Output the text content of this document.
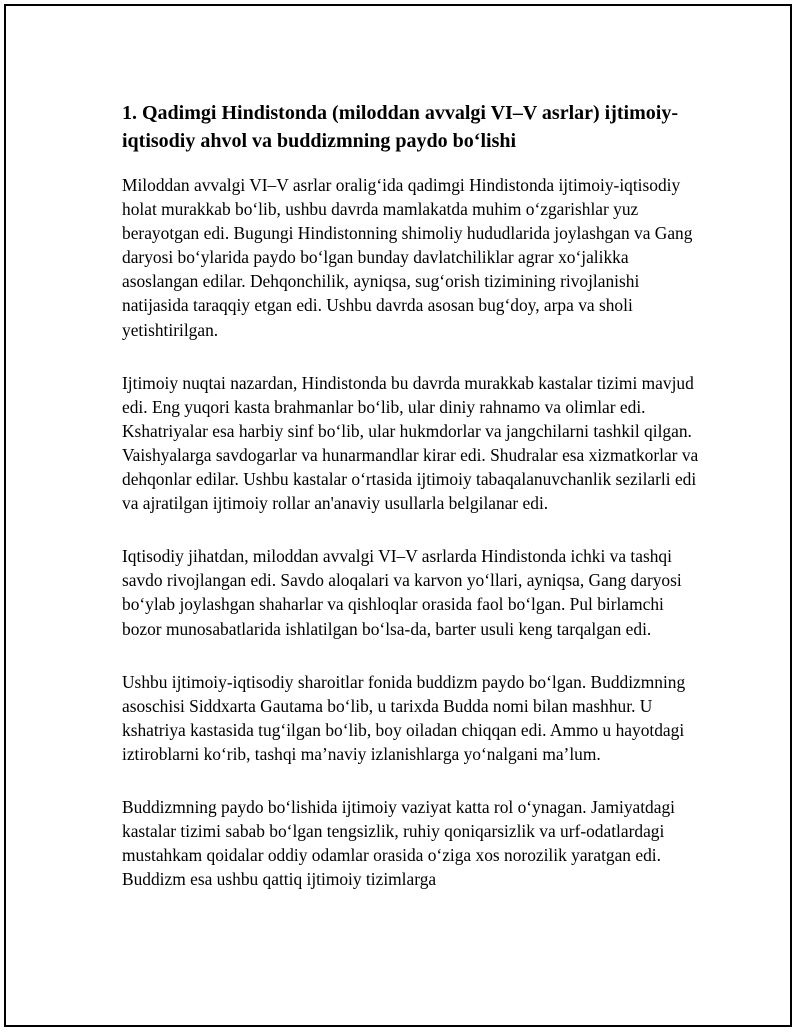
1. Qadimgi Hindistonda (miloddan avvalgi VI–V asrlar) ijtimoiy-iqtisodiy ahvol va buddizmning paydo bo‘lishi

Miloddan avvalgi VI–V asrlar oralig‘ida qadimgi Hindistonda ijtimoiy-iqtisodiy holat murakkab bo‘lib, ushbu davrda mamlakatda muhim o‘zgarishlar yuz berayotgan edi. Bugungi Hindistonning shimoliy hududlarida joylashgan va Gang daryosi bo‘ylarida paydo bo‘lgan bunday davlatchiliklar agrar xo‘jalikka asoslangan edilar. Dehqonchilik, ayniqsa, sug‘orish tizimining rivojlanishi natijasida taraqqiy etgan edi. Ushbu davrda asosan bug‘doy, arpa va sholi yetishtirilgan.

Ijtimoiy nuqtai nazardan, Hindistonda bu davrda murakkab kastalar tizimi mavjud edi. Eng yuqori kasta brahmanlar bo‘lib, ular diniy rahnamo va olimlar edi. Kshatriyalar esa harbiy sinf bo‘lib, ular hukmdorlar va jangchilarni tashkil qilgan. Vaishyalarga savdogarlar va hunarmandlar kirar edi. Shudralar esa xizmatkorlar va dehqonlar edilar. Ushbu kastalar o‘rtasida ijtimoiy tabaqalanuvchanlik sezilarli edi va ajratilgan ijtimoiy rollar an'anaviy usullarla belgilanar edi.

Iqtisodiy jihatdan, miloddan avvalgi VI–V asrlarda Hindistonda ichki va tashqi savdo rivojlangan edi. Savdo aloqalari va karvon yo‘llari, ayniqsa, Gang daryosi bo‘ylab joylashgan shaharlar va qishloqlar orasida faol bo‘lgan. Pul birlamchi bozor munosabatlarida ishlatilgan bo‘lsa-da, barter usuli keng tarqalgan edi.

Ushbu ijtimoiy-iqtisodiy sharoitlar fonida buddizm paydo bo‘lgan. Buddizmning asoschisi Siddxarta Gautama bo‘lib, u tarixda Budda nomi bilan mashhur. U kshatriya kastasida tug‘ilgan bo‘lib, boy oiladan chiqqan edi. Ammo u hayotdagi iztiroblarni ko‘rib, tashqi ma’naviy izlanishlarga yo‘nalgani ma’lum.

Buddizmning paydo bo‘lishida ijtimoiy vaziyat katta rol o‘ynagan. Jamiyatdagi kastalar tizimi sabab bo‘lgan tengsizlik, ruhiy qoniqarsizlik va urf-odatlardagi mustahkam qoidalar oddiy odamlar orasida o‘ziga xos norozilik yaratgan edi. Buddizm esa ushbu qattiq ijtimoiy tizimlarga
